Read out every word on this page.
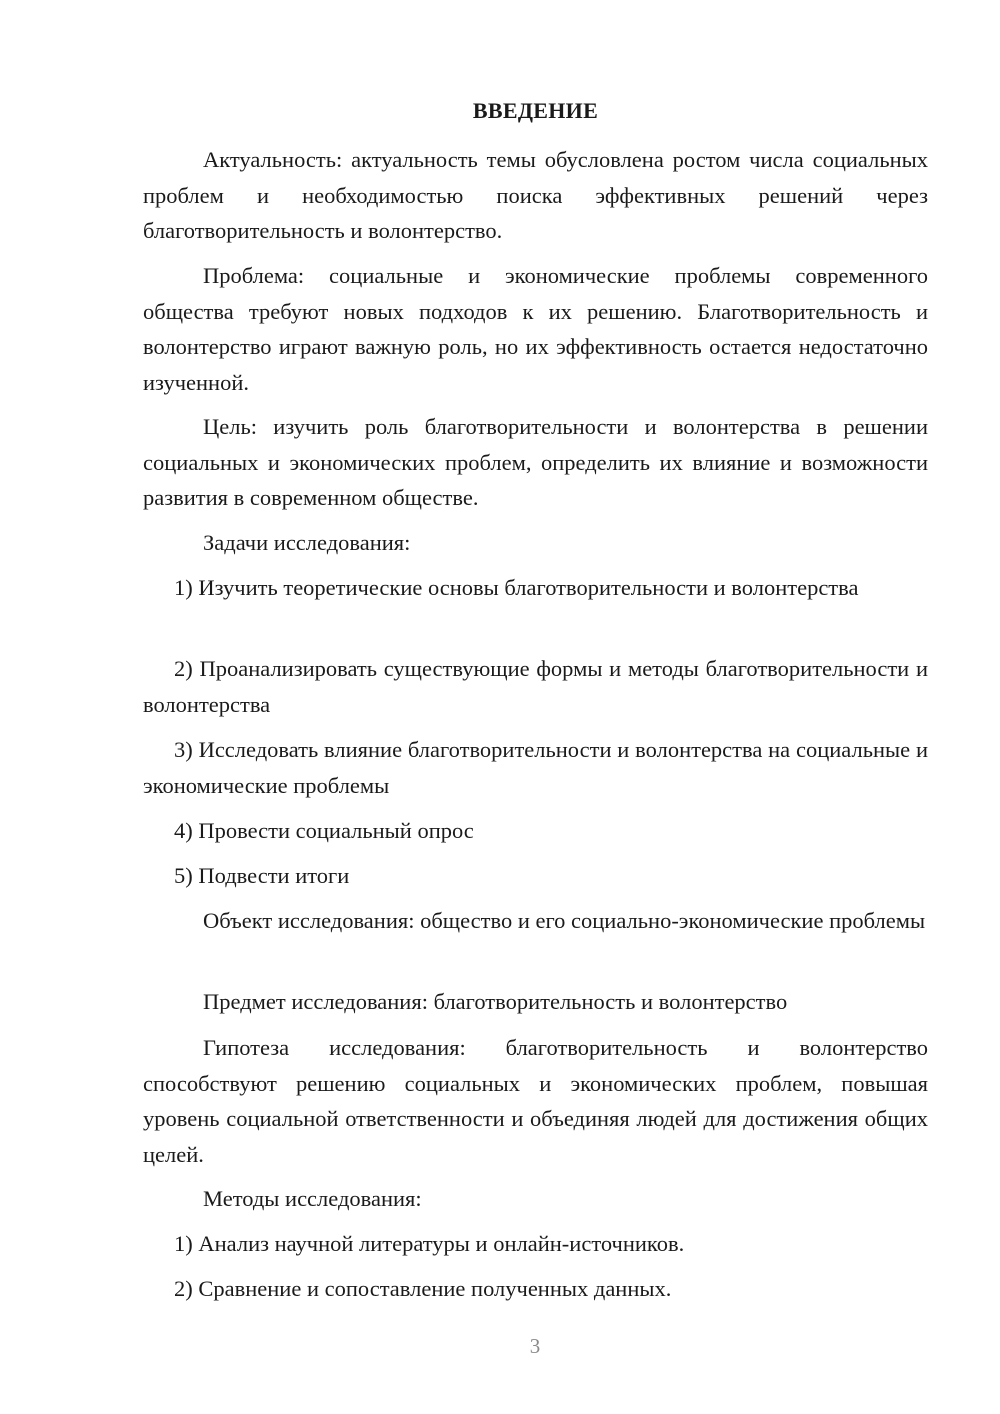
ВВЕДЕНИЕ

Актуальность: актуальность темы обусловлена ростом числа социальных проблем и необходимостью поиска эффективных решений через благотворительность и волонтерство.

Проблема: социальные и экономические проблемы современного общества требуют новых подходов к их решению. Благотворительность и волонтерство играют важную роль, но их эффективность остается недостаточно изученной.

Цель: изучить роль благотворительности и волонтерства в решении социальных и экономических проблем, определить их влияние и возможности развития в современном обществе.

Задачи исследования:

1) Изучить теоретические основы благотворительности и волонтерства

2) Проанализировать существующие формы и методы благотворительности и волонтерства

3) Исследовать влияние благотворительности и волонтерства на социальные и экономические проблемы

4) Провести социальный опрос

5) Подвести итоги

Объект исследования: общество и его социально-экономические проблемы

Предмет исследования: благотворительность и волонтерство

Гипотеза исследования: благотворительность и волонтерство способствуют решению социальных и экономических проблем, повышая уровень социальной ответственности и объединяя людей для достижения общих целей.

Методы исследования:

1) Анализ научной литературы и онлайн-источников.

2) Сравнение и сопоставление полученных данных.

3
